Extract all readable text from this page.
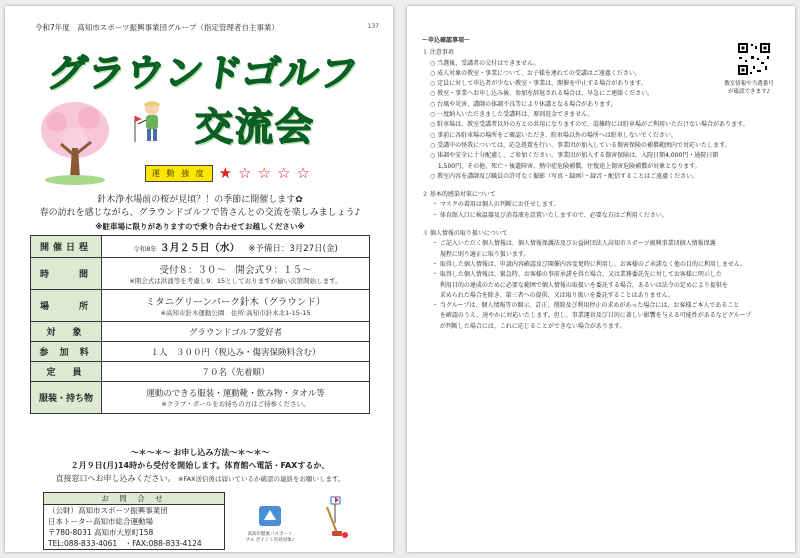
令和7年度　高知市スポーツ振興事業団グループ（指定管理者自主事業）	137
グラウンドゴルフ
交流会
運 動 強 度 ★☆☆☆☆
針木浄水場前の桜が見頃？！の季節に開催します✿
春の訪れを感じながら、グラウンドゴルフで皆さんとの交流を楽しみましょう♪
※駐車場に限りがありますので乗り合わせてお越しください※
開催日程	令和8年 ３月２５日（水） ※予備日：3月27日(金)
時　　間	受付８：３０～　開会式９：１５～
※開会式は洪涌等を考慮し9：15としておりますが揃い次第開始します。

場　　所	ミタニグリーンパーク針木（グラウンド）
※高知市針木運動公園　住所:高知市針木北1-15-15

対　象	グラウンドゴルフ愛好者
参 加 料	１人　３００円（税込み・傷害保険料含む）
定　員	７０名（先着順）
服装・持ち物	運動のできる服装・運動靴・飲み物・タオル等
※クラブ・ボールをお持ちの方はご持参ください。
～＊～＊～ お申し込み方法～＊～＊～
２月９日(月)14時から受付を開始します。体育館へ電話・FAXするか、
直接窓口へお申し込みください。 ※FAX送信後は届いているか確認の連絡をお願いします。
お 問 合 せ
（公財）高知市スポーツ振興事業団
日本トーター高知市総合運動場
〒780-8031 高知市大原町158
TEL:088-833-4061　・FAX:088-833-4124
高知市健康パスポート
ブル ポイント有効対象♪
～申込確認事項～
１ 注意事項
○ 当選後、受講者の交付はできません。
○ 成人対象の教室・事業について、お子様を連れての受講はご遠慮ください。
○ 定員に対して申込者が少ない教室・事業は、開催を中止する場合があります。
○ 教室・事業へお申し込み後、参加を辞退される場合は、早急にご連絡ください。
○ 台風や災害、講師の体調不良等により休講となる場合があります。
○ 一度納入いただきました受講料は、原則返金できません。
○ 駐車場は、教室受講者以外の方との共用になりますので、混雑時には駐車場がご利用いただけない場合があります。
○ 事前に各駐車場の場所をご確認いただき、駐車場以外の場所へは駐車しないでください。
○ 受講中の怪我については、応急処置を行い、事業団が加入している傷害保険の補償範囲内で対応いたします。
○ 体調や安全に十分配慮し、ご参加ください。事業団が加入する傷害保険は、入院日額4,000円・通院日額
　 1,500円、その他、死亡・後遺障害、熱中症危険補償。往復途上傷害危険補償が対象となります。
○ 教室内容を講師及び職員の許可なく撮影（写真・録画）・録音・配信することはご遠慮ください。
２ 基本的感染対策について
・ マスクの着用は個人の判断にお任せします。
・ 体育館入口に検温器及び消毒液を設置いたしますので、必要な方はご利用ください。
３ 個人情報の取り扱いについて
・ ご記入いただく個人情報は、個人情報保護法及び公益財団法人高知市スポーツ振興事業団個人情報保護
　 規程に則り適正に取り扱います。
・ 取得した個人情報は、申請内容確認及び開催内容変更時に利用し、お客様のご承諾なく他の目的に利用しません。
・ 取得した個人情報は、緊急時、お客様の事前承諾を得た場合、又は業務委託先に対してお客様に明示した
　 利用目的の達成のために必要な範囲で個人情報の取扱いを委託する場合、あるいは法令の定めにより提供を
　 求められた場合を除き、第三者への提供、又は取り扱いを委託することはありません。
・ 当グループは、個人情報等の開示、訂正、削除及び利用停止の求めがあった場合には、お客様ご本人であること
　 を確認のうえ、速やかに対応いたします。但し、事業運営及び目的に著しい影響を与える可能性があるなどグループ
　 が判断した場合には、これに応じることができない場合があります。
教室情報や当選番号
が確認できます♪
